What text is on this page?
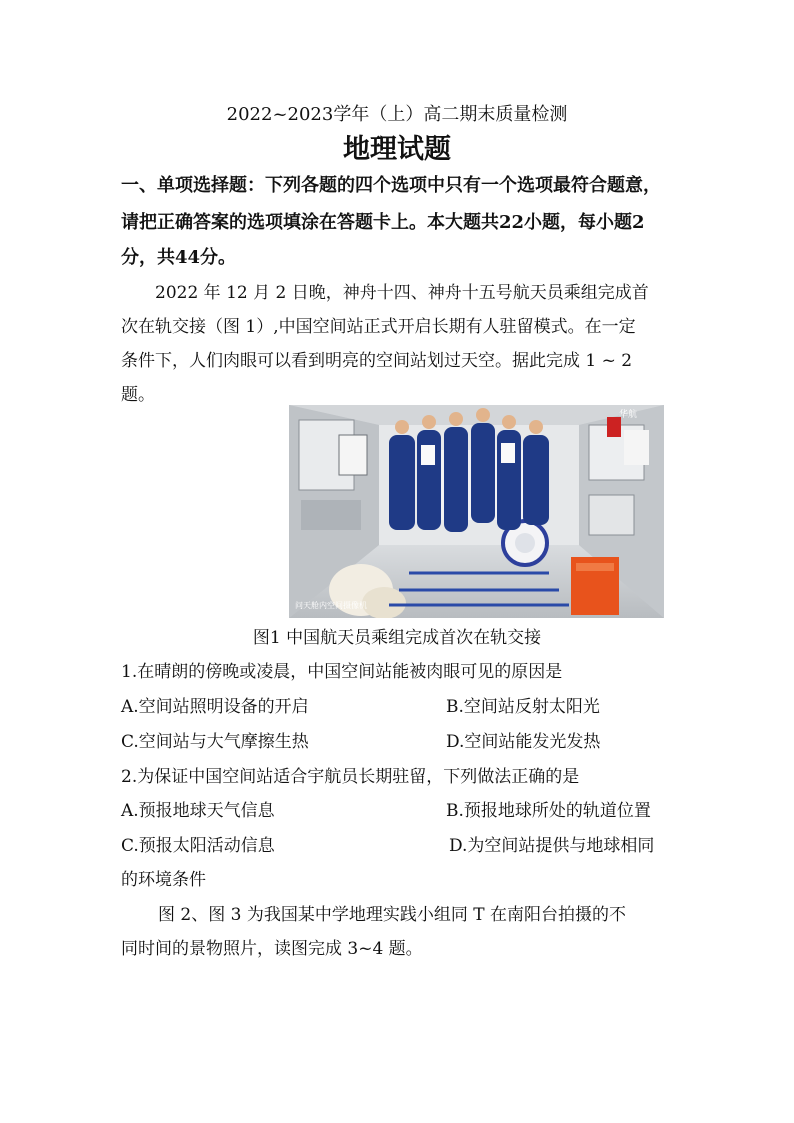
2022~2023学年（上）高二期末质量检测
地理试题
一、单项选择题：下列各题的四个选项中只有一个选项最符合题意，
请把正确答案的选项填涂在答题卡上。本大题共22小题，每小题2
分，共44分。
2022 年 12 月 2 日晚，神舟十四、神舟十五号航天员乘组完成首
次在轨交接（图 1）,中国空间站正式开启长期有人驻留模式。在一定
条件下，人们肉眼可以看到明亮的空间站划过天空。据此完成 1 ~ 2
题。
问天舱内空间摄像机
华航
图1 中国航天员乘组完成首次在轨交接
1.在晴朗的傍晚或凌晨，中国空间站能被肉眼可见的原因是
A.空间站照明设备的开启	B.空间站反射太阳光
C.空间站与大气摩擦生热	D.空间站能发光发热
2.为保证中国空间站适合宇航员长期驻留，下列做法正确的是
A.预报地球天气信息	B.预报地球所处的轨道位置
C.预报太阳活动信息	D.为空间站提供与地球相同
的环境条件
图 2、图 3 为我国某中学地理实践小组同 T 在南阳台拍摄的不
同时间的景物照片，读图完成 3~4 题。
